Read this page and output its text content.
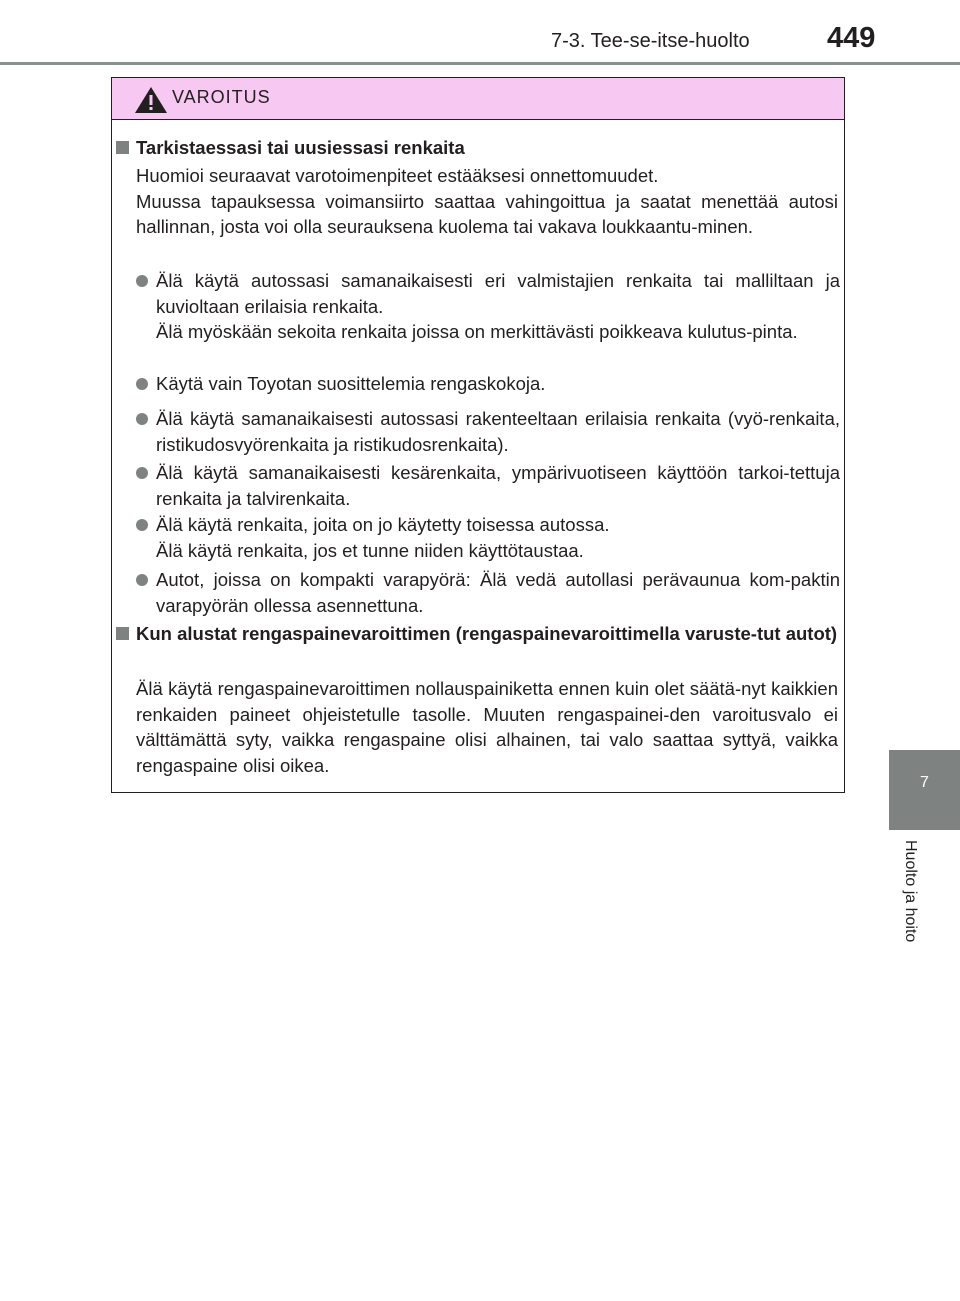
7-3. Tee-se-itse-huolto	449
7
Huolto ja hoito
VAROITUS
Tarkistaessasi tai uusiessasi renkaita
Huomioi seuraavat varotoimenpiteet estääksesi onnettomuudet.
Muussa tapauksessa voimansiirto saattaa vahingoittua ja saatat menettää autosi hallinnan, josta voi olla seurauksena kuolema tai vakava loukkaantu-minen.
Älä käytä autossasi samanaikaisesti eri valmistajien renkaita tai malliltaan ja kuvioltaan erilaisia renkaita.
Älä myöskään sekoita renkaita joissa on merkittävästi poikkeava kulutus-pinta.
Käytä vain Toyotan suosittelemia rengaskokoja.
Älä käytä samanaikaisesti autossasi rakenteeltaan erilaisia renkaita (vyö-renkaita, ristikudosvyörenkaita ja ristikudosrenkaita).
Älä käytä samanaikaisesti kesärenkaita, ympärivuotiseen käyttöön tarkoi-tettuja renkaita ja talvirenkaita.
Älä käytä renkaita, joita on jo käytetty toisessa autossa.
Älä käytä renkaita, jos et tunne niiden käyttötaustaa.
Autot, joissa on kompakti varapyörä: Älä vedä autollasi perävaunua kom-paktin varapyörän ollessa asennettuna.
Kun alustat rengaspainevaroittimen (rengaspainevaroittimella varuste-tut autot)
Älä käytä rengaspainevaroittimen nollauspainiketta ennen kuin olet säätä-nyt kaikkien renkaiden paineet ohjeistetulle tasolle. Muuten rengaspainei-den varoitusvalo ei välttämättä syty, vaikka rengaspaine olisi alhainen, tai valo saattaa syttyä, vaikka rengaspaine olisi oikea.
